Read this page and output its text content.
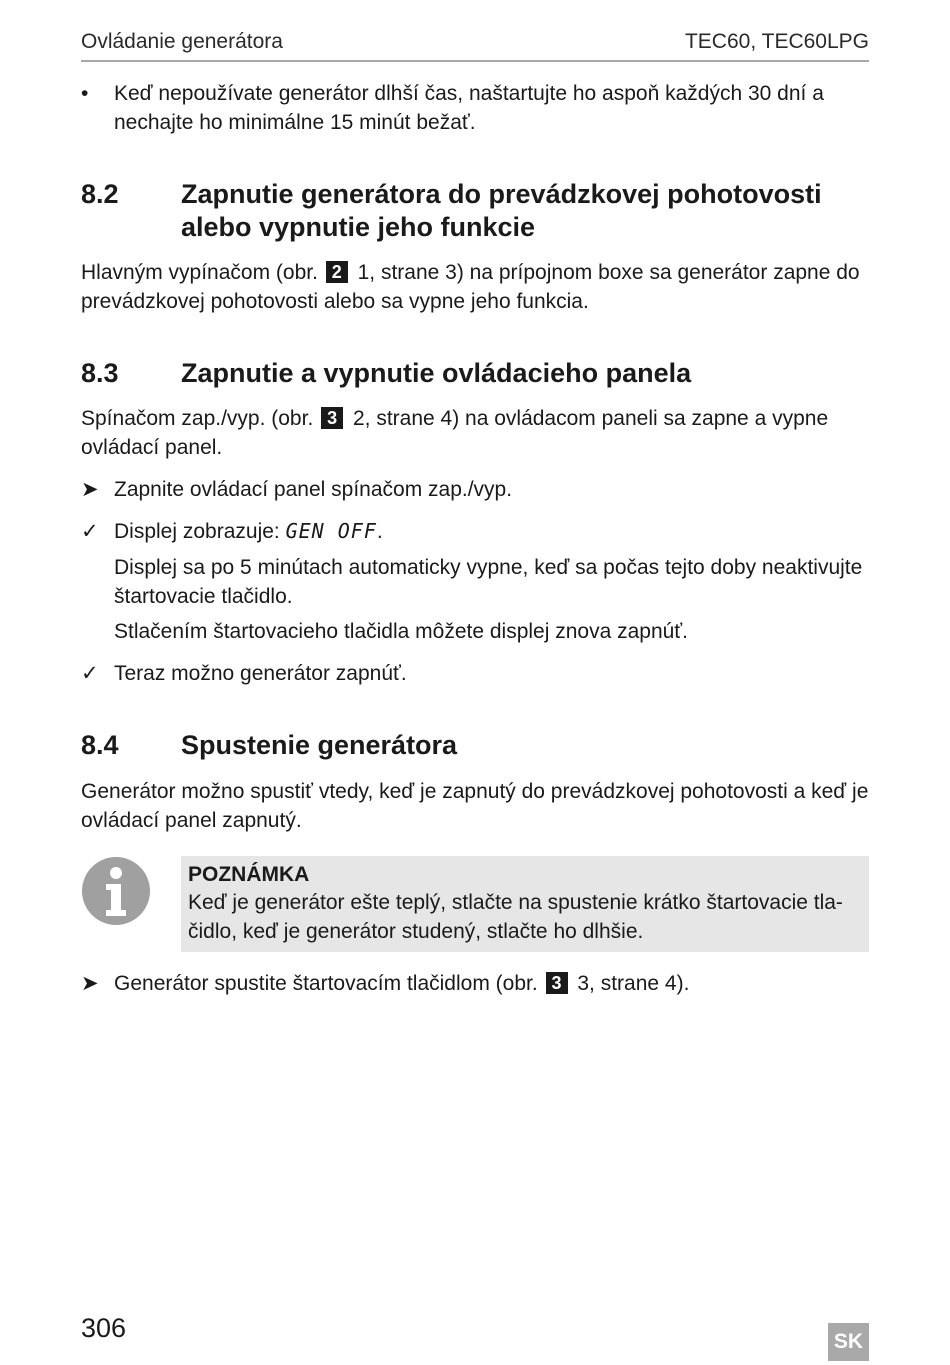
Ovládanie generátora	TEC60, TEC60LPG
•	Keď nepoužívate generátor dlhší čas, naštartujte ho aspoň každých 30 dní a nechajte ho minimálne 15 minút bežať.
8.2 Zapnutie generátora do prevádzkovej pohotovosti alebo vypnutie jeho funkcie

Hlavným vypínačom (obr. 2 1, strane 3) na prípojnom boxe sa generátor zapne do prevádzkovej pohotovosti alebo sa vypne jeho funkcia.

8.3 Zapnutie a vypnutie ovládacieho panela

Spínačom zap./vyp. (obr. 3 2, strane 4) na ovládacom paneli sa zapne a vypne ovládací panel.

➤ Zapnite ovládací panel spínačom zap./vyp.
✓ Displej zobrazuje: GEN OFF.

Displej sa po 5 minútach automaticky vypne, keď sa počas tejto doby neaktivujte štartovacie tlačidlo.

Stlačením štartovacieho tlačidla môžete displej znova zapnúť.

✓ Teraz možno generátor zapnúť.
8.4 Spustenie generátora

Generátor možno spustiť vtedy, keď je zapnutý do prevádzkovej pohotovosti a keď je ovládací panel zapnutý.

POZNÁMKA
Keď je generátor ešte teplý, stlačte na spustenie krátko štartovacie tla-čidlo, keď je generátor studený, stlačte ho dlhšie.
➤ Generátor spustite štartovacím tlačidlom (obr. 3 3, strane 4).
306	SK
